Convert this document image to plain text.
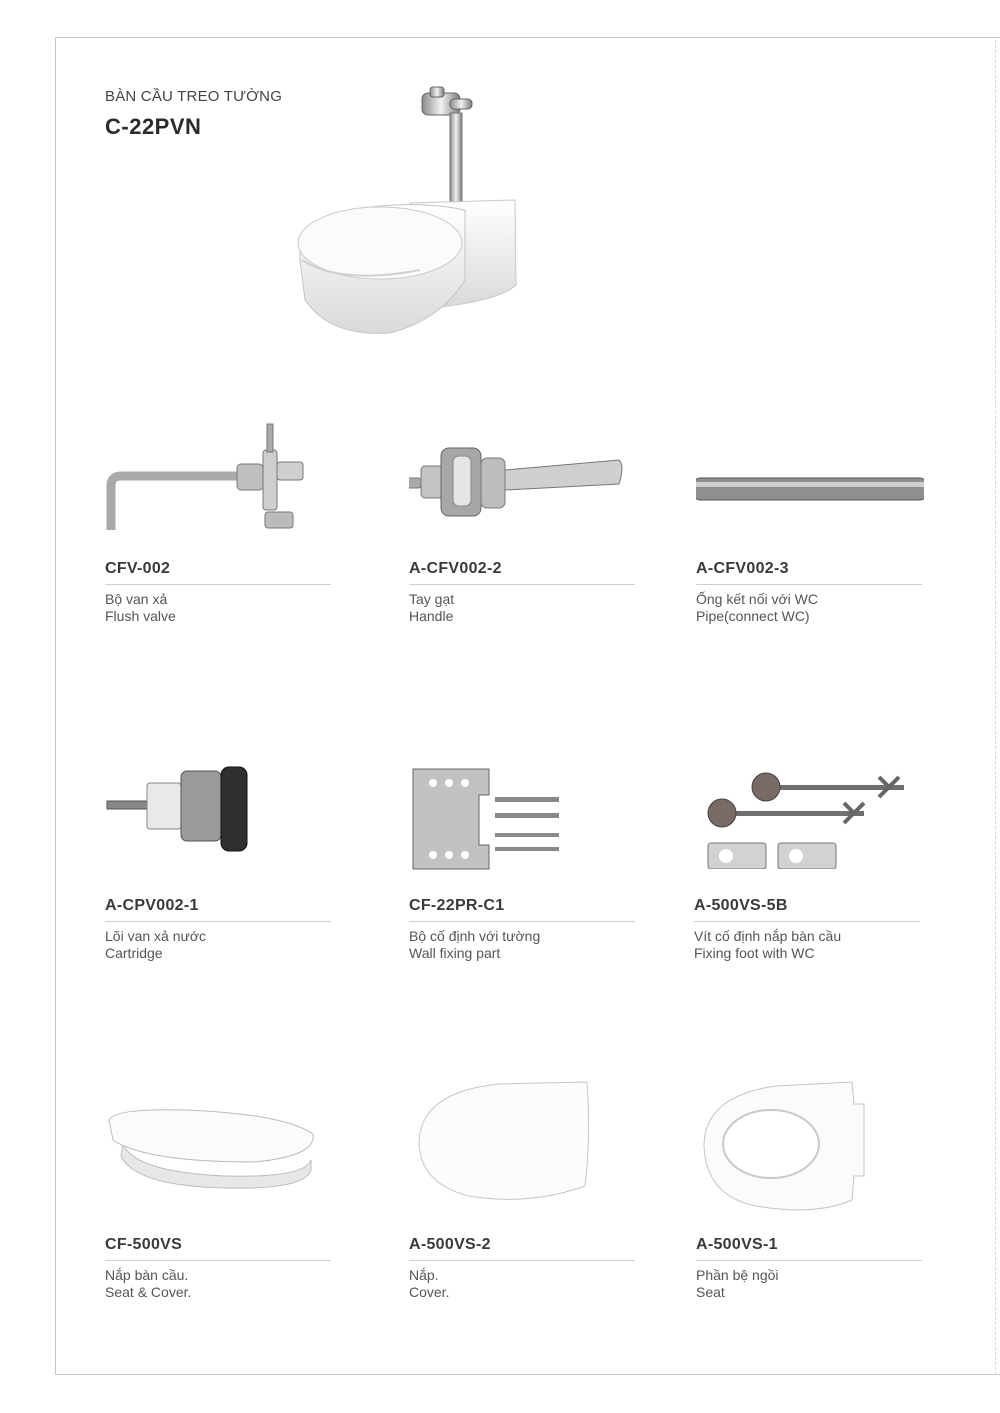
BÀN CẦU TREO TƯỜNG
C-22PVN
CFV-002
Bộ van xả
Flush valve
A-CFV002-2
Tay gạt
Handle
A-CFV002-3
Ống kết nối với WC
Pipe(connect WC)
A-CPV002-1
Lõi van xả nước
Cartridge
CF-22PR-C1
Bộ cố định với tường
Wall fixing part
A-500VS-5B
Vít cố định nắp bàn cầu
Fixing foot with WC
CF-500VS
Nắp bàn cầu.
Seat & Cover.
A-500VS-2
Nắp.
Cover.
A-500VS-1
Phần bệ ngồi
Seat
